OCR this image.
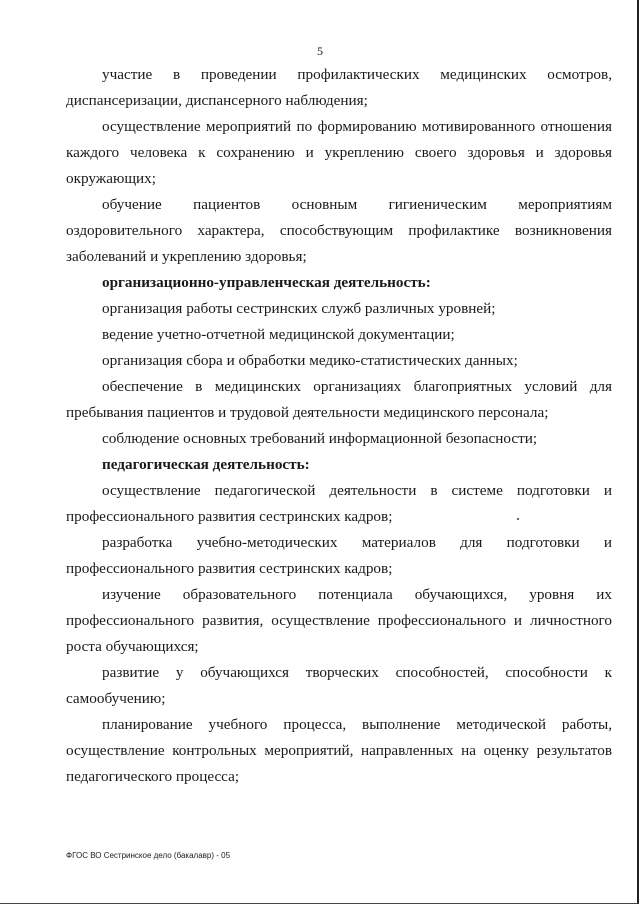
5

участие в проведении профилактических медицинских осмотров, диспансеризации, диспансерного наблюдения;

осуществление мероприятий по формированию мотивированного отношения каждого человека к сохранению и укреплению своего здоровья и здоровья окружающих;

обучение пациентов основным гигиеническим мероприятиям оздоровительного характера, способствующим профилактике возникновения заболеваний и укреплению здоровья;

организационно-управленческая деятельность:

организация работы сестринских служб различных уровней;

ведение учетно-отчетной медицинской документации;

организация сбора и обработки медико-статистических данных;

обеспечение в медицинских организациях благоприятных условий для пребывания пациентов и трудовой деятельности медицинского персонала;

соблюдение основных требований информационной безопасности;

педагогическая деятельность:

осуществление педагогической деятельности в системе подготовки и профессионального развития сестринских кадров;

разработка учебно-методических материалов для подготовки и профессионального развития сестринских кадров;

изучение образовательного потенциала обучающихся, уровня их профессионального развития, осуществление профессионального и личностного роста обучающихся;

развитие у обучающихся творческих способностей, способности к самообучению;

планирование учебного процесса, выполнение методической работы, осуществление контрольных мероприятий, направленных на оценку результатов педагогического процесса;

ФГОС ВО Сестринское дело (бакалавр) - 05
